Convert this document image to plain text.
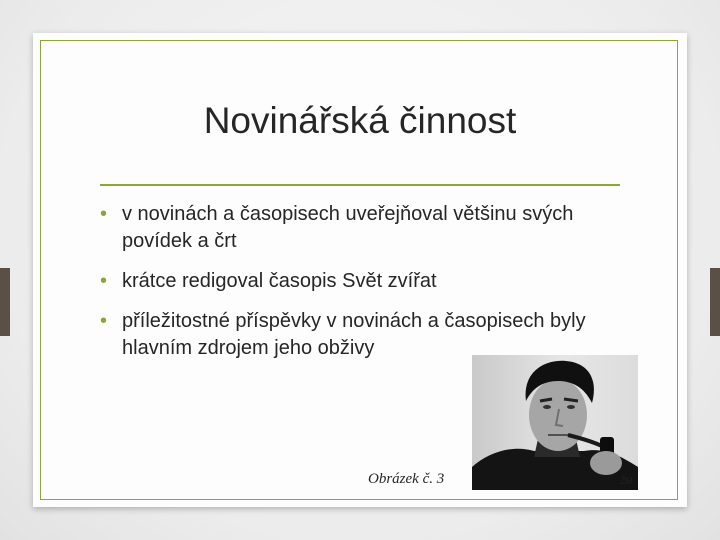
Novinářská činnost
• v novinách a časopisech uveřejňoval většinu svých povídek a črt
• krátce redigoval časopis Svět zvířat
• příležitostné příspěvky v novinách a časopisech byly hlavním zdrojem jeho obživy
Obrázek č. 3	ŽM
